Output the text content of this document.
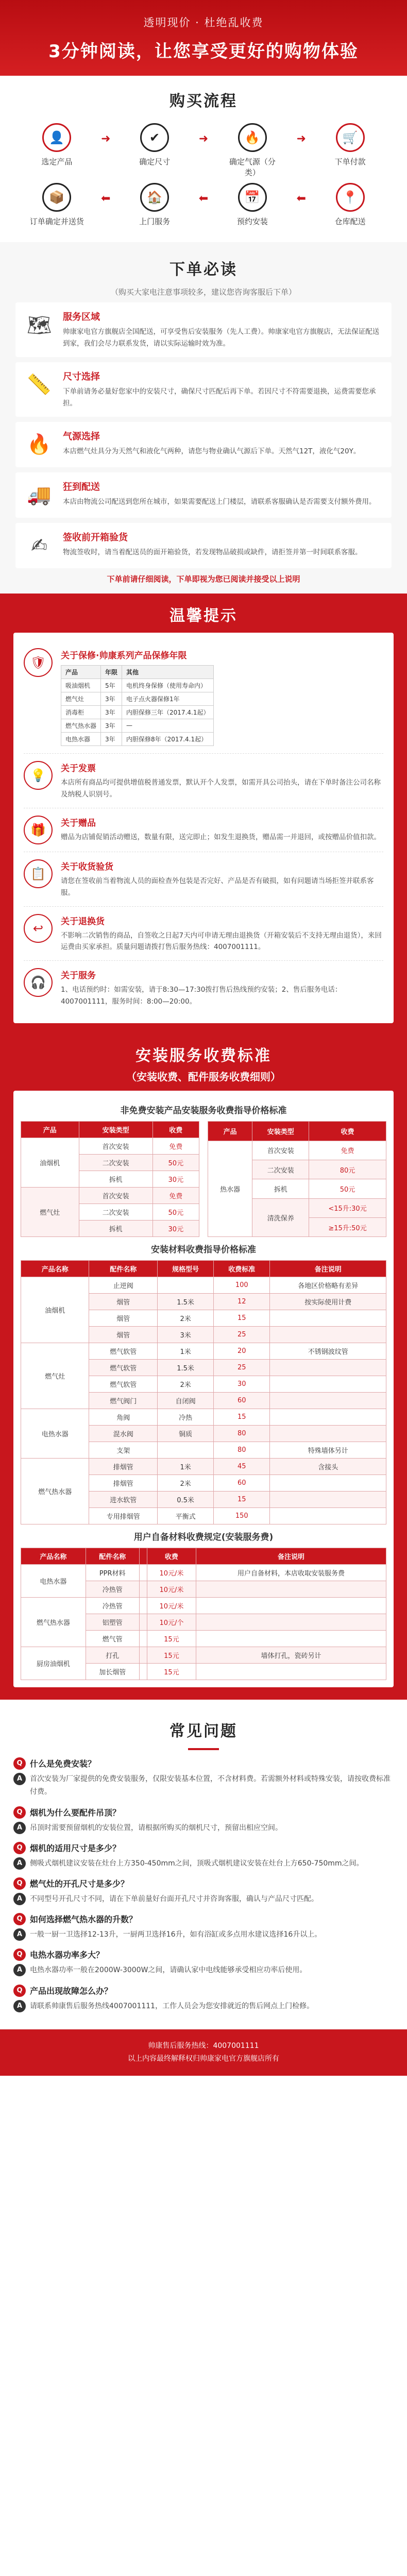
透明现价 · 杜绝乱收费
3分钟阅读，让您享受更好的购物体验
购买流程
👤
选定产品
➜	✔
确定尺寸
➜	🔥
确定气源（分类）
➜	🛒
下单付款
📦
订单确定并送货
⬅	🏠
上门服务
⬅	📅
预约安装
⬅	📍
仓库配送
下单必读
（购买大家电注意事项较多，建议您咨询客服后下单）
🗺	服务区域

帅康家电官方旗舰店全国配送，可享受售后安装服务（先人工费）。帅康家电官方旗舰店，无法保证配送到家，我们会尽力联系发货，请以实际运输时效为准。

📏	尺寸选择

下单前请务必量好您家中的安装尺寸，确保尺寸匹配后再下单。若因尺寸不符需要退换，运费需要您承担。

🔥	气源选择

本店燃气灶具分为天然气和液化气两种，请您与物业确认气源后下单。天然气12T，液化气20Y。

🚚	狂到配送

本店由物流公司配送到您所在城市，如果需要配送上门楼层，请联系客服确认是否需要支付额外费用。

✍	签收前开箱验货

物流签收时，请当着配送员的面开箱验货，若发现物品破损或缺件，请拒签并第一时间联系客服。

下单前请仔细阅读，下单即视为您已阅读并接受以上说明
温馨提示
🛡	关于保修·帅康系列产品保修年限
产品	年限	其他
吸油烟机	5年	电机终身保修（使用寿命内）
燃气灶	3年	电子点火器保修1年
消毒柜	3年	内胆保修三年（2017.4.1起）
燃气热水器	3年	—
电热水器	3年	内胆保修8年（2017.4.1起）
💡	关于发票

本店所有商品均可提供增值税普通发票，默认开个人发票，如需开具公司抬头，请在下单时备注公司名称及纳税人识别号。

🎁	关于赠品

赠品为店铺促销活动赠送，数量有限，送完即止；如发生退换货，赠品需一并退回，或按赠品价值扣款。

📋	关于收货验货

请您在签收前当着物流人员的面检查外包装是否完好、产品是否有破损，如有问题请当场拒签并联系客服。

↩	关于退换货

不影响二次销售的商品，自签收之日起7天内可申请无理由退换货（开箱安装后不支持无理由退货），来回运费由买家承担。质量问题请拨打售后服务热线：4007001111。

🎧	关于服务

1、电话预约时：如需安装，请于8:30—17:30拨打售后热线预约安装；2、售后服务电话：4007001111，服务时间：8:00—20:00。

安装服务收费标准
（安装收费、配件服务收费细则）
非免费安装产品安装服务收费指导价格标准
产品	安装类型	收费
油烟机	首次安装	免费
	二次安装	50元
	拆机	30元
燃气灶	首次安装	免费
	二次安装	50元
	拆机	30元
产品	安装类型	收费
热水器	首次安装	免费
	二次安装	80元
	拆机	50元
	清洗保养	<15升:30元
		≥15升:50元
安装材料收费指导价格标准
产品名称	配件名称	规格型号	收费标准	备注说明
油烟机	止逆阀		100	各地区价格略有差异
	烟管	1.5米	12	按实际使用计费
	烟管	2米	15	
	烟管	3米	25	
燃气灶	燃气软管	1米	20	不锈钢波纹管
	燃气软管	1.5米	25	
	燃气软管	2米	30	
	燃气阀门	自闭阀	60	
电热水器	角阀	冷热	15	
	混水阀	铜质	80	
	支架		80	特殊墙体另计
燃气热水器	排烟管	1米	45	含接头
	排烟管	2米	60	
	进水软管	0.5米	15	
	专用排烟管	平衡式	150	
用户自备材料收费规定(安装服务费)
产品名称	配件名称		收费	备注说明
电热水器	PPR材料		10元/米	用户自备材料，本店收取安装服务费
	冷热管		10元/米	
燃气热水器	冷热管		10元/米	
	铝塑管		10元/个	
	燃气管		15元	
厨房油烟机	打孔		15元	墙体打孔，瓷砖另计
	加长烟管		15元	
常见问题
Q 什么是免费安装？
A	首次安装为厂家提供的免费安装服务，仅限安装基本位置，不含材料费。若需额外材料或特殊安装，请按收费标准付费。
Q 烟机为什么要配件吊顶？
A	吊顶时需要预留烟机的安装位置，请根据所购买的烟机尺寸，预留出相应空间。
Q 烟机的适用尺寸是多少？
A	侧吸式烟机建议安装在灶台上方350-450mm之间，顶吸式烟机建议安装在灶台上方650-750mm之间。
Q 燃气灶的开孔尺寸是多少？
A	不同型号开孔尺寸不同，请在下单前量好台面开孔尺寸并咨询客服，确认与产品尺寸匹配。
Q 如何选择燃气热水器的升数？
A	一般一厨一卫选择12-13升，一厨两卫选择16升，如有浴缸或多点用水建议选择16升以上。
Q 电热水器功率多大？
A	电热水器功率一般在2000W-3000W之间，请确认家中电线能够承受相应功率后使用。
Q 产品出现故障怎么办？
A	请联系帅康售后服务热线4007001111，工作人员会为您安排就近的售后网点上门检修。
帅康售后服务热线：4007001111
以上内容最终解释权归帅康家电官方旗舰店所有
